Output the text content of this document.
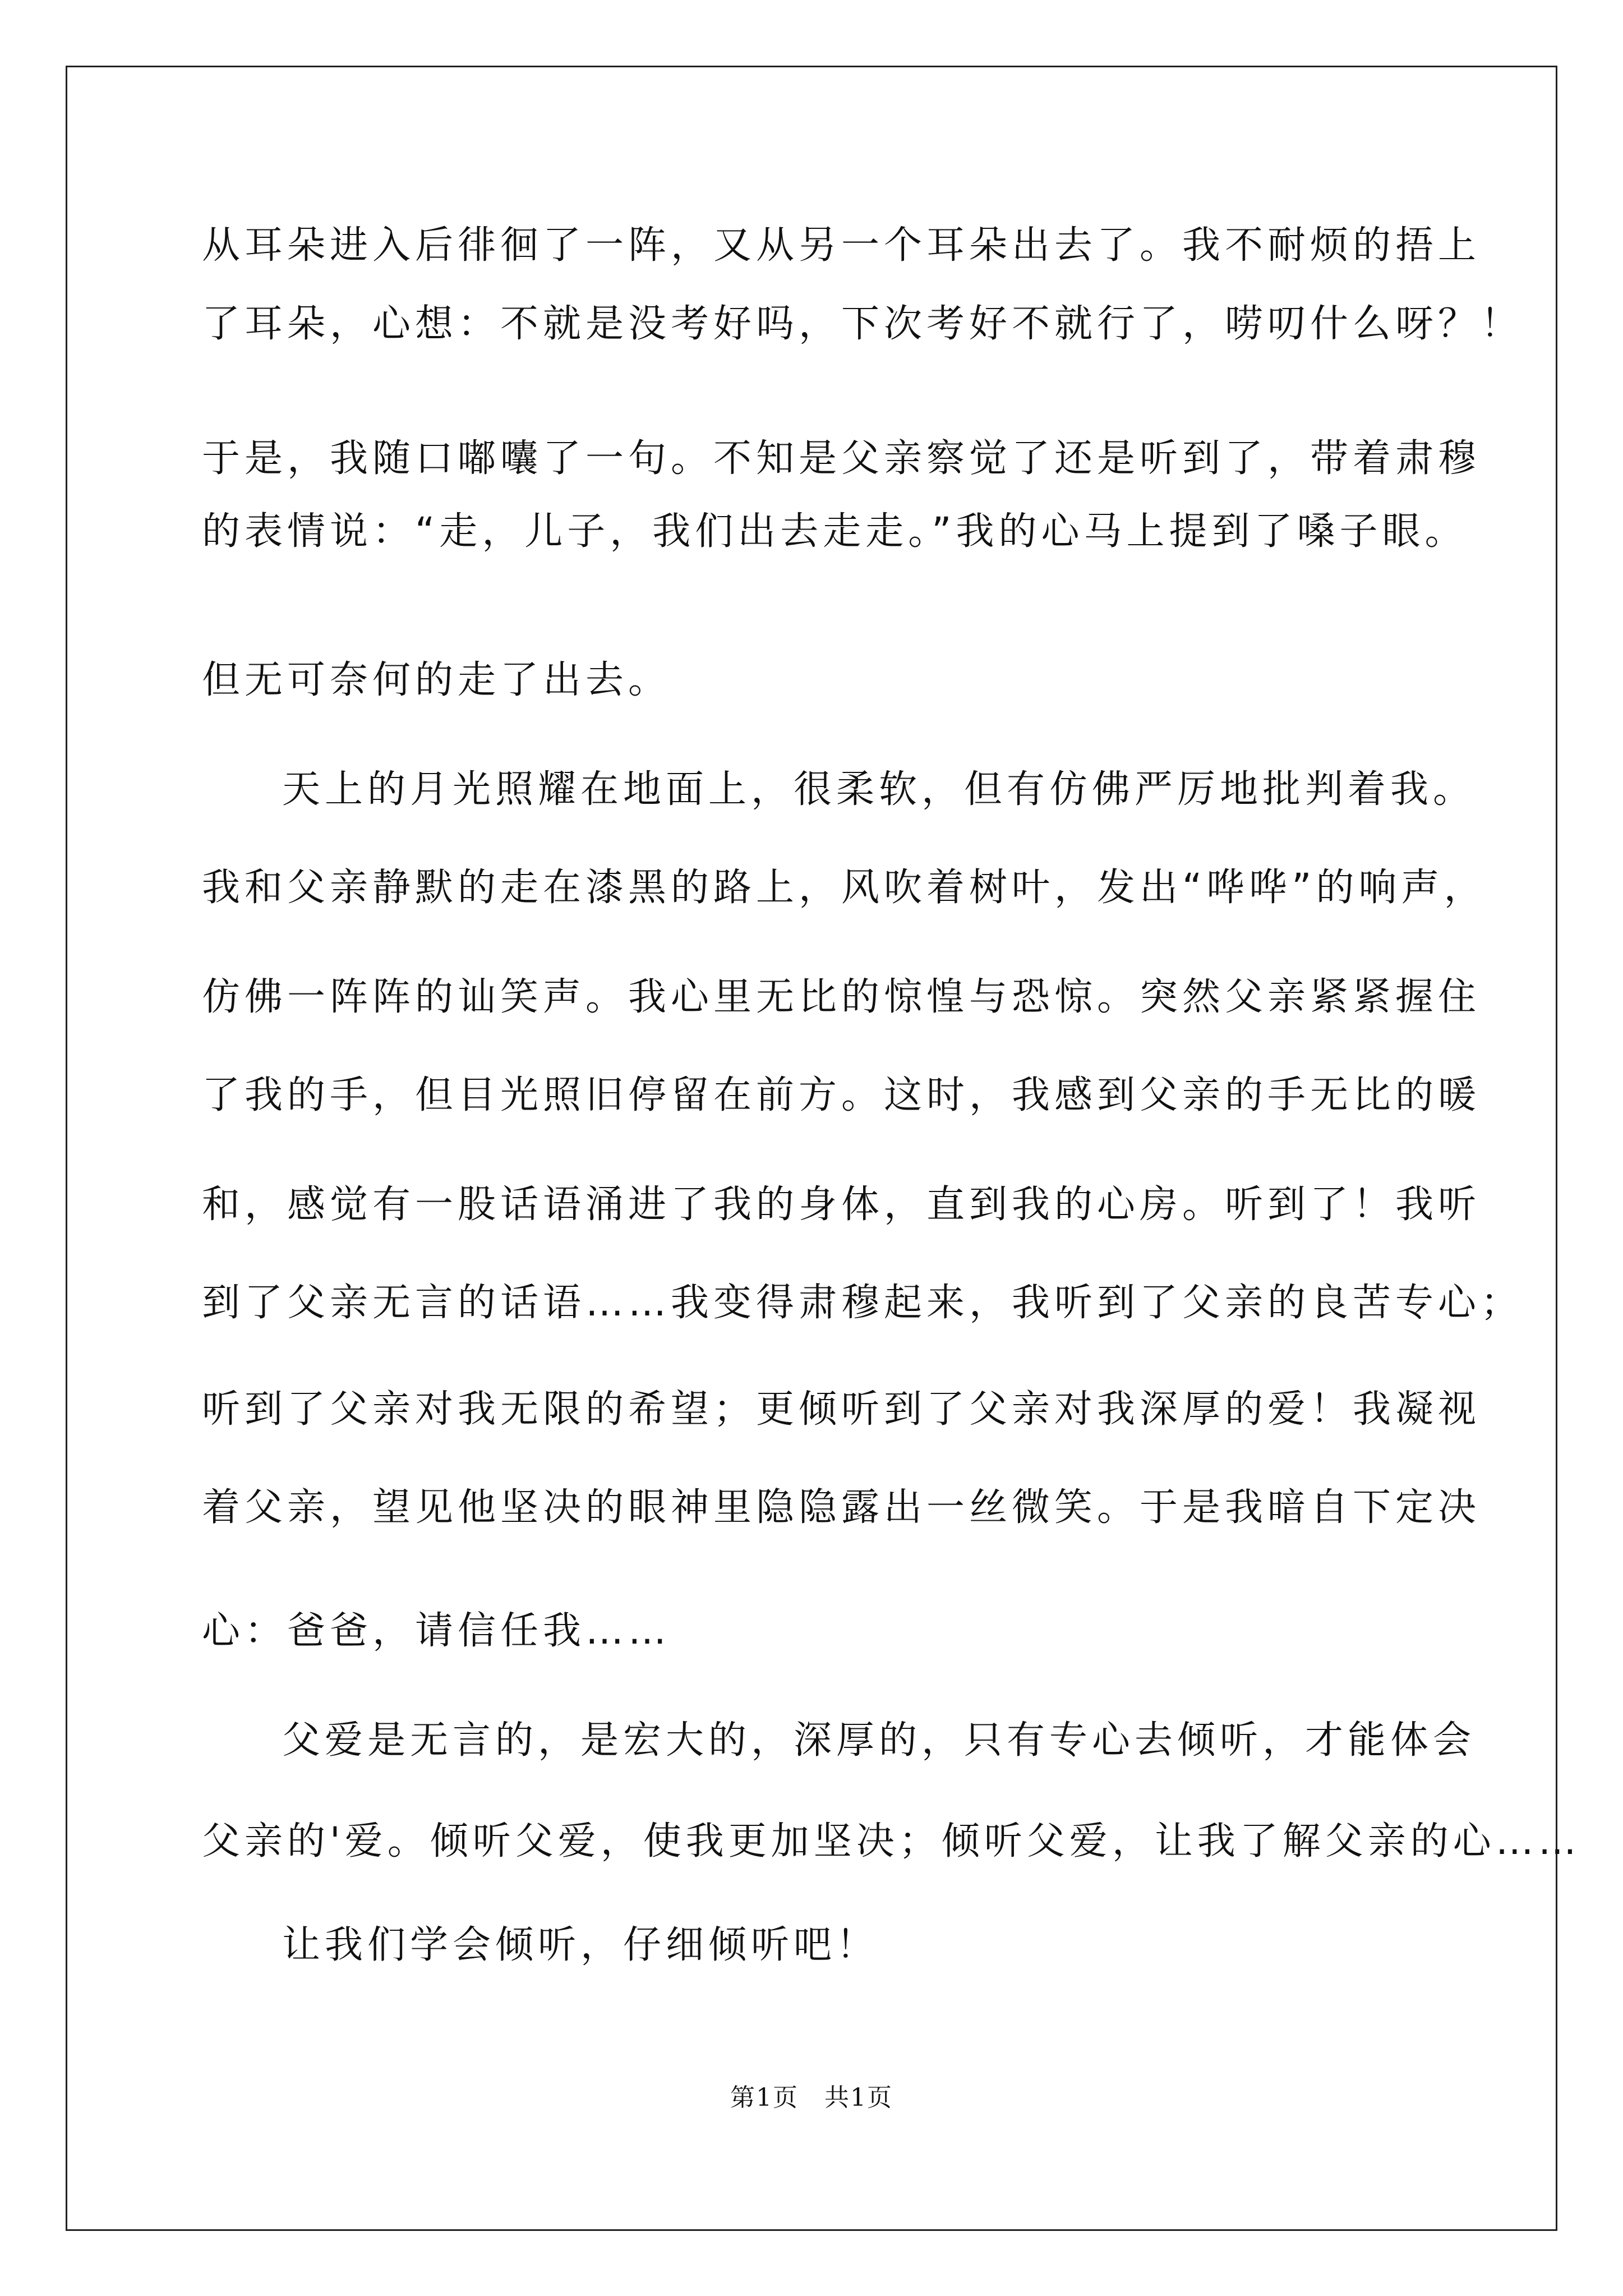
从耳朵进入后徘徊了一阵，又从另一个耳朵出去了。我不耐烦的捂上
了耳朵，心想：不就是没考好吗，下次考好不就行了，唠叨什么呀？！
于是，我随口嘟囔了一句。不知是父亲察觉了还是听到了，带着肃穆
的表情说：“走，儿子，我们出去走走。”我的心马上提到了嗓子眼。
但无可奈何的走了出去。
天上的月光照耀在地面上，很柔软，但有仿佛严厉地批判着我。
我和父亲静默的走在漆黑的路上，风吹着树叶，发出“哗哗”的响声，
仿佛一阵阵的讪笑声。我心里无比的惊惶与恐惊。突然父亲紧紧握住
了我的手，但目光照旧停留在前方。这时，我感到父亲的手无比的暖
和，感觉有一股话语涌进了我的身体，直到我的心房。听到了！我听
到了父亲无言的话语……我变得肃穆起来，我听到了父亲的良苦专心；
听到了父亲对我无限的希望；更倾听到了父亲对我深厚的爱！我凝视
着父亲，望见他坚决的眼神里隐隐露出一丝微笑。于是我暗自下定决
心：爸爸，请信任我……
父爱是无言的，是宏大的，深厚的，只有专心去倾听，才能体会
父亲的'爱。倾听父爱，使我更加坚决；倾听父爱，让我了解父亲的心……
让我们学会倾听，仔细倾听吧！
第1页　共1页
